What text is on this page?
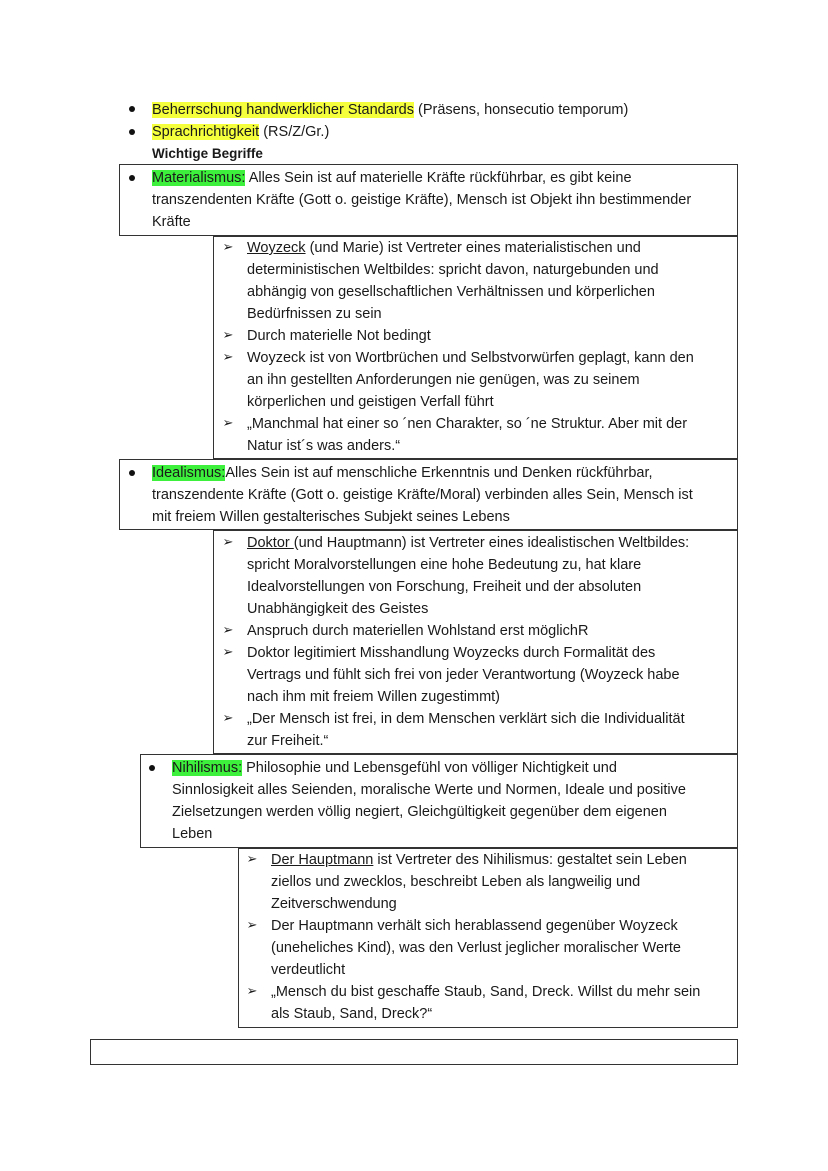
Beherrschung handwerklicher Standards (Präsens, honsecutio temporum)
Sprachrichtigkeit (RS/Z/Gr.)
Wichtige Begriffe
Materialismus: Alles Sein ist auf materielle Kräfte rückführbar, es gibt keine
transzendenten Kräfte (Gott o. geistige Kräfte), Mensch ist Objekt ihn bestimmender
Kräfte
➢ Woyzeck (und Marie) ist Vertreter eines materialistischen und
deterministischen Weltbildes: spricht davon, naturgebunden und
abhängig von gesellschaftlichen Verhältnissen und körperlichen
Bedürfnissen zu sein
➢ Durch materielle Not bedingt
➢ Woyzeck ist von Wortbrüchen und Selbstvorwürfen geplagt, kann den
an ihn gestellten Anforderungen nie genügen, was zu seinem
körperlichen und geistigen Verfall führt
➢ „Manchmal hat einer so ´nen Charakter, so ´ne Struktur. Aber mit der
Natur ist´s was anders.“
Idealismus:Alles Sein ist auf menschliche Erkenntnis und Denken rückführbar,
transzendente Kräfte (Gott o. geistige Kräfte/Moral) verbinden alles Sein, Mensch ist
mit freiem Willen gestalterisches Subjekt seines Lebens
➢ Doktor (und Hauptmann) ist Vertreter eines idealistischen Weltbildes:
spricht Moralvorstellungen eine hohe Bedeutung zu, hat klare
Idealvorstellungen von Forschung, Freiheit und der absoluten
Unabhängigkeit des Geistes
➢ Anspruch durch materiellen Wohlstand erst möglichR
➢ Doktor legitimiert Misshandlung Woyzecks durch Formalität des
Vertrags und fühlt sich frei von jeder Verantwortung (Woyzeck habe
nach ihm mit freiem Willen zugestimmt)
➢ „Der Mensch ist frei, in dem Menschen verklärt sich die Individualität
zur Freiheit.“
Nihilismus: Philosophie und Lebensgefühl von völliger Nichtigkeit und
Sinnlosigkeit alles Seienden, moralische Werte und Normen, Ideale und positive
Zielsetzungen werden völlig negiert, Gleichgültigkeit gegenüber dem eigenen
Leben
➢ Der Hauptmann ist Vertreter des Nihilismus: gestaltet sein Leben
ziellos und zwecklos, beschreibt Leben als langweilig und
Zeitverschwendung
➢ Der Hauptmann verhält sich herablassend gegenüber Woyzeck
(uneheliches Kind), was den Verlust jeglicher moralischer Werte
verdeutlicht
➢ „Mensch du bist geschaffe Staub, Sand, Dreck. Willst du mehr sein
als Staub, Sand, Dreck?“
